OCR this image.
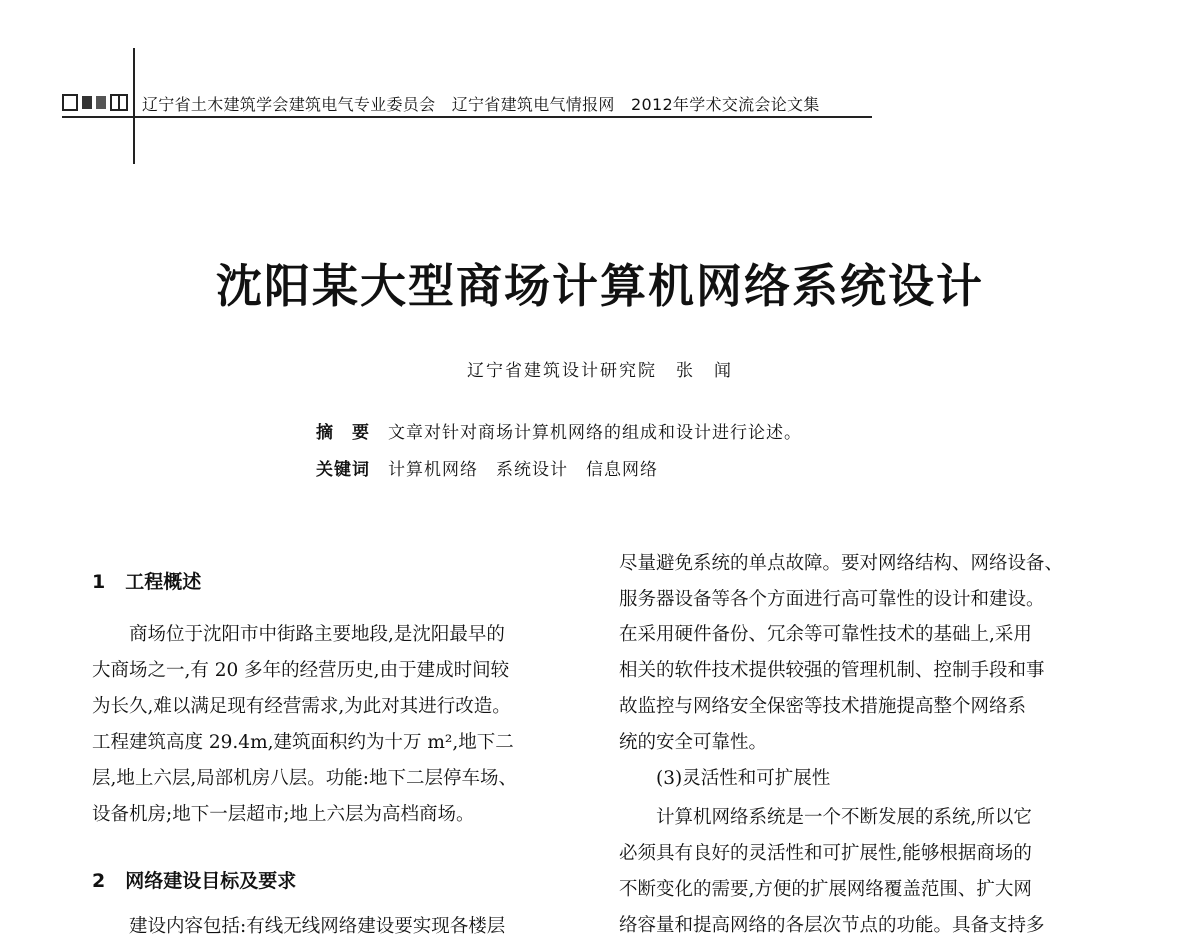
辽宁省土木建筑学会建筑电气专业委员会　辽宁省建筑电气情报网　2012年学术交流会论文集
沈阳某大型商场计算机网络系统设计
辽宁省建筑设计研究院　张　闻
摘　要 文章对针对商场计算机网络的组成和设计进行论述。
关键词 计算机网络　系统设计　信息网络
1 工程概述
商场位于沈阳市中街路主要地段,是沈阳最早的
大商场之一,有 20 多年的经营历史,由于建成时间较
为长久,难以满足现有经营需求,为此对其进行改造。
工程建筑高度 29.4m,建筑面积约为十万 m²,地下二
层,地上六层,局部机房八层。功能:地下二层停车场、
设备机房;地下一层超市;地上六层为高档商场。
2 网络建设目标及要求
建设内容包括:有线无线网络建设要实现各楼层
尽量避免系统的单点故障。要对网络结构、网络设备、
服务器设备等各个方面进行高可靠性的设计和建设。
在采用硬件备份、冗余等可靠性技术的基础上,采用
相关的软件技术提供较强的管理机制、控制手段和事
故监控与网络安全保密等技术措施提高整个网络系
统的安全可靠性。
(3)灵活性和可扩展性
计算机网络系统是一个不断发展的系统,所以它
必须具有良好的灵活性和可扩展性,能够根据商场的
不断变化的需要,方便的扩展网络覆盖范围、扩大网
络容量和提高网络的各层次节点的功能。具备支持多
